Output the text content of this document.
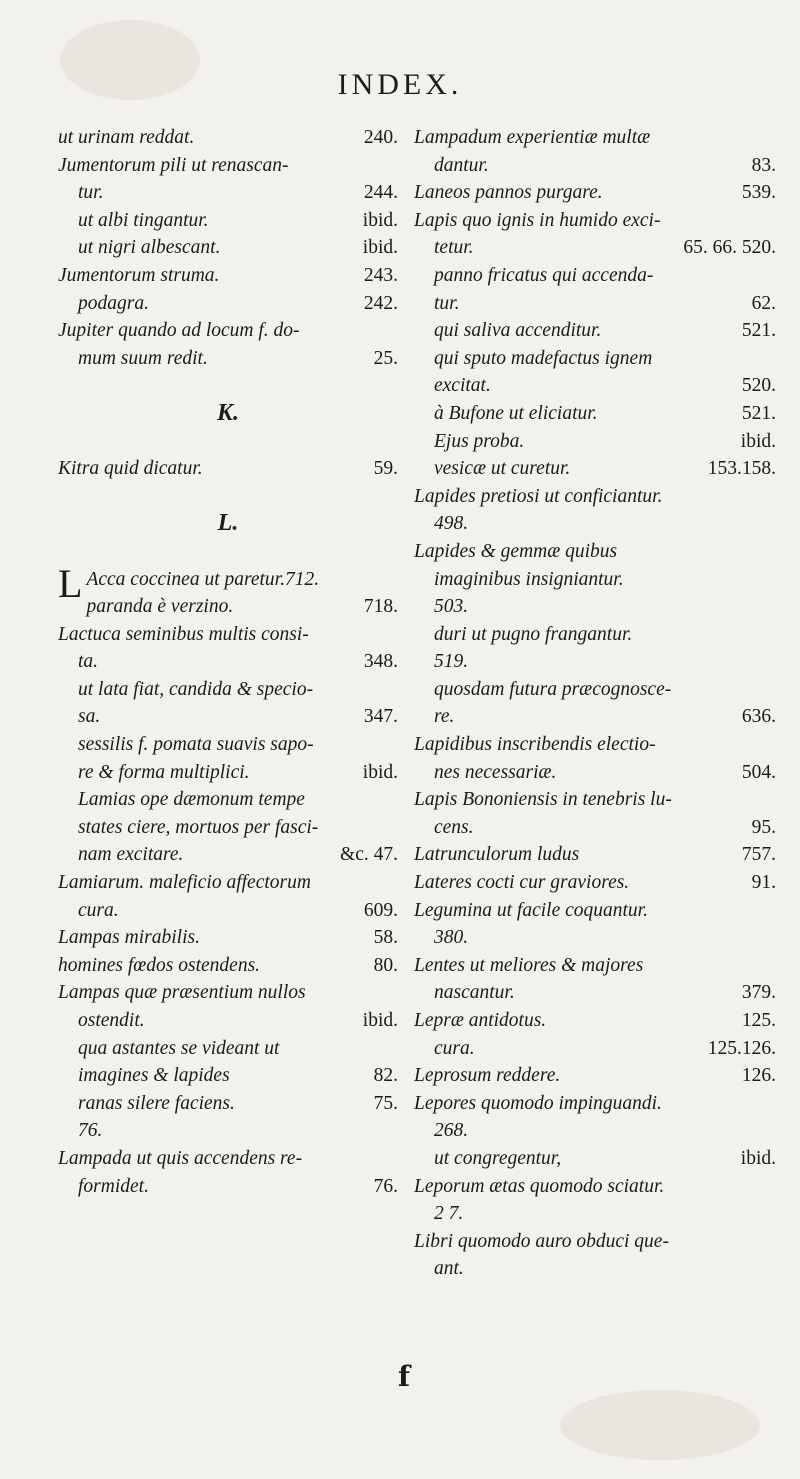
INDEX.
ut urinam reddat.	240.
Jumentorum pili ut renascan-
tur.	244.
ut albi tingantur.	ibid.
ut nigri albescant.	ibid.
Jumentorum struma.	243.
podagra.	242.
Jupiter quando ad locum f. do-
mum suum redit.	25.
K.
Kitra quid dicatur.	59.
L.
L Acca coccinea ut paretur.712.
paranda è verzino.	718.
Lactuca seminibus multis consi-
ta.	348.
ut lata fiat, candida & specio-
sa.	347.
sessilis f. pomata suavis sapo-
re & forma multiplici.	ibid.
Lamias ope dæmonum tempe
states ciere, mortuos per fasci-
nam excitare.	&c. 47.
Lamiarum. maleficio affectorum
cura.	609.
Lampas mirabilis.	58.
homines fœdos ostendens.	80.
Lampas quæ præsentium nullos
ostendit.	ibid.
qua astantes se videant ut
imagines & lapides	82.
ranas silere faciens.	75.
76.
Lampada ut quis accendens re-
formidet.	76.
Lampadum experientiæ multæ
dantur.	83.
Laneos pannos purgare.	539.
Lapis quo ignis in humido exci-
tetur.	65. 66. 520.
panno fricatus qui accenda-
tur.	62.
qui saliva accenditur.	521.
qui sputo madefactus ignem
excitat.	520.
à Bufone ut eliciatur.	521.
Ejus proba.	ibid.
vesicæ ut curetur.	153.158.
Lapides pretiosi ut conficiantur.
498.
Lapides & gemmæ quibus
imaginibus insigniantur.
503.
duri ut pugno frangantur.
519.
quosdam futura præcognosce-
re.	636.
Lapidibus inscribendis electio-
nes necessariæ.	504.
Lapis Bononiensis in tenebris lu-
cens.	95.
Latrunculorum ludus	757.
Lateres cocti cur graviores.	91.
Legumina ut facile coquantur.
380.
Lentes ut meliores & majores
nascantur.	379.
Lepræ antidotus.	125.
cura.	125.126.
Leprosum reddere.	126.
Lepores quomodo impinguandi.
268.
ut congregentur,	ibid.
Leporum ætas quomodo sciatur.
2 7.
Libri quomodo auro obduci que-
ant.
f
